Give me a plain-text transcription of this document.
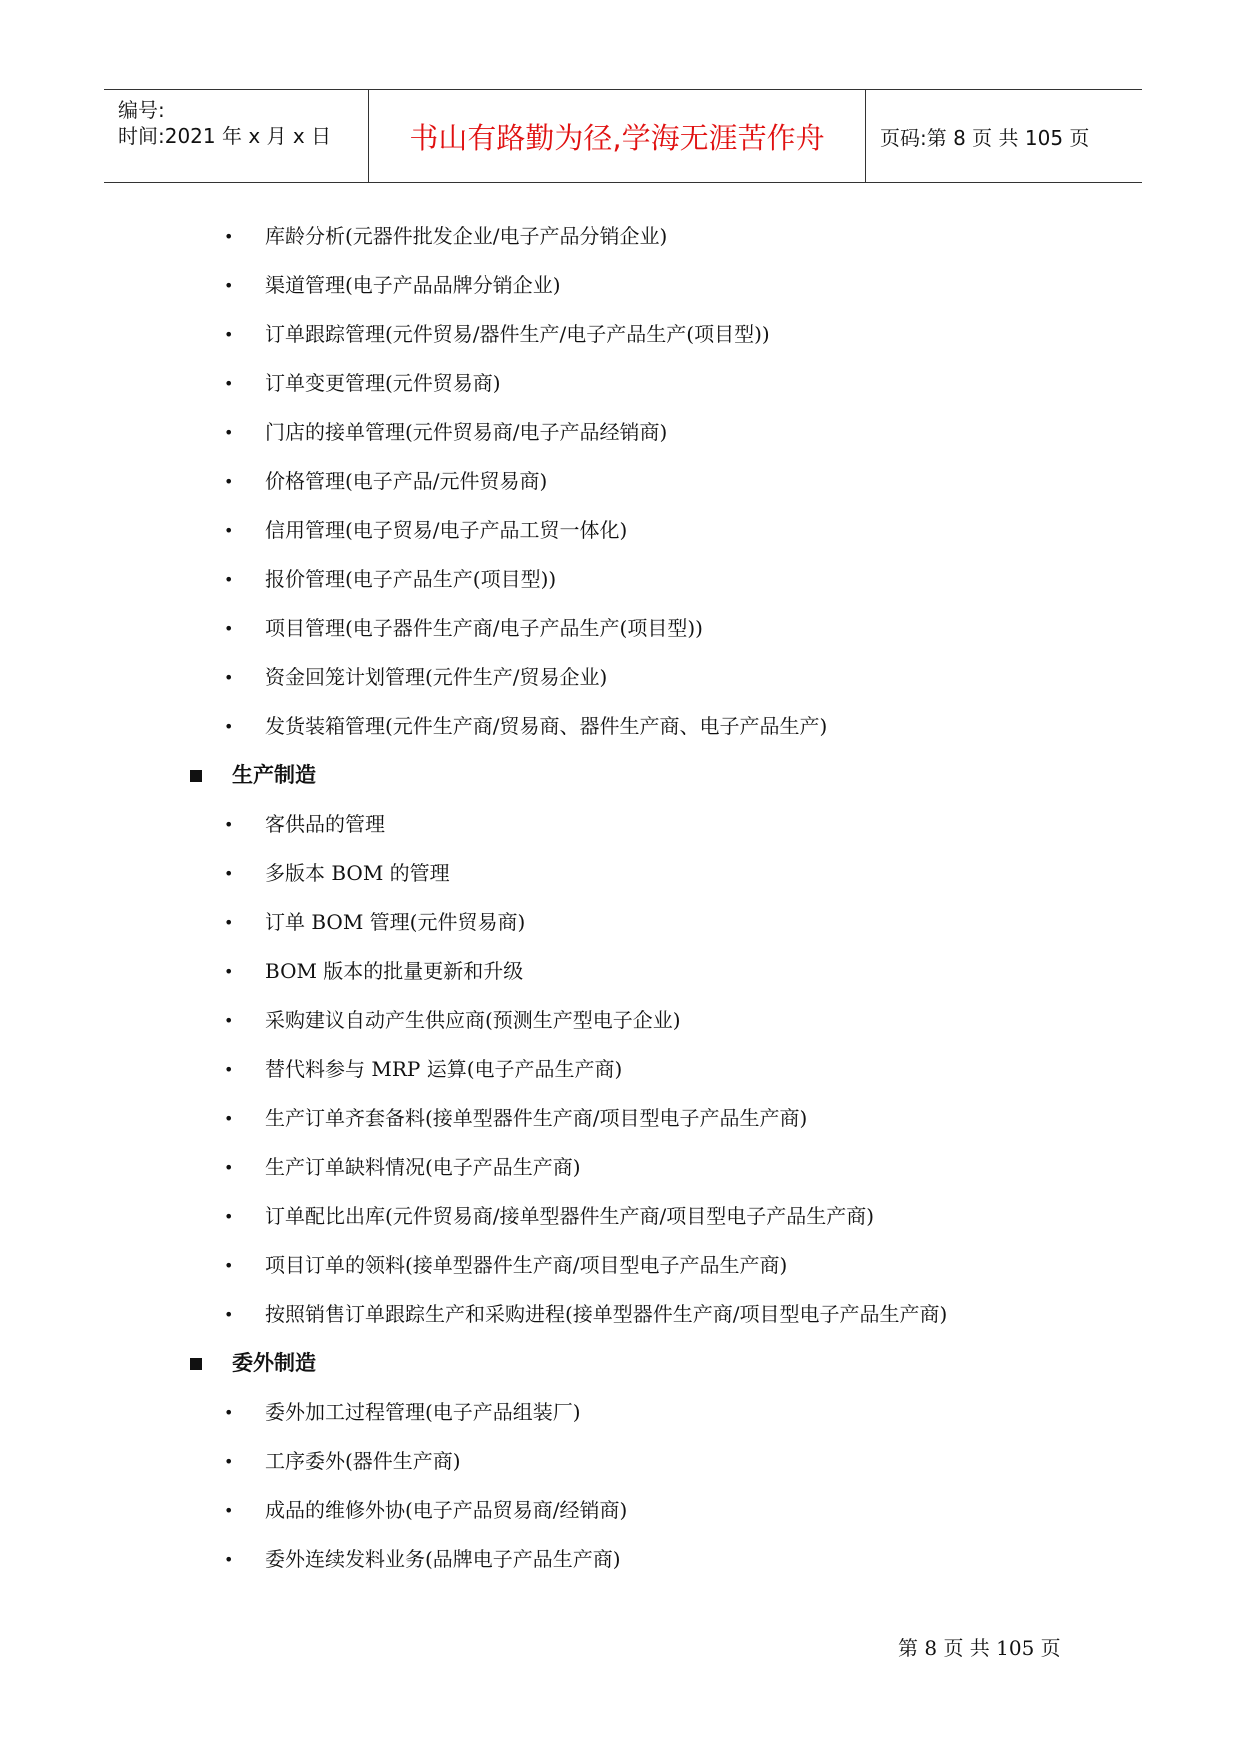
编号:
时间:2021 年 x 月 x 日	书山有路勤为径,学海无涯苦作舟	页码:第 8 页 共 105 页
• 库龄分析(元器件批发企业/电子产品分销企业)
• 渠道管理(电子产品品牌分销企业)
• 订单跟踪管理(元件贸易/器件生产/电子产品生产(项目型))
• 订单变更管理(元件贸易商)
• 门店的接单管理(元件贸易商/电子产品经销商)
• 价格管理(电子产品/元件贸易商)
• 信用管理(电子贸易/电子产品工贸一体化)
• 报价管理(电子产品生产(项目型))
• 项目管理(电子器件生产商/电子产品生产(项目型))
• 资金回笼计划管理(元件生产/贸易企业)
• 发货装箱管理(元件生产商/贸易商、器件生产商、电子产品生产)
生产制造
• 客供品的管理
• 多版本 BOM 的管理
• 订单 BOM 管理(元件贸易商)
• BOM 版本的批量更新和升级
• 采购建议自动产生供应商(预测生产型电子企业)
• 替代料参与 MRP 运算(电子产品生产商)
• 生产订单齐套备料(接单型器件生产商/项目型电子产品生产商)
• 生产订单缺料情况(电子产品生产商)
• 订单配比出库(元件贸易商/接单型器件生产商/项目型电子产品生产商)
• 项目订单的领料(接单型器件生产商/项目型电子产品生产商)
• 按照销售订单跟踪生产和采购进程(接单型器件生产商/项目型电子产品生产商)
委外制造
• 委外加工过程管理(电子产品组装厂)
• 工序委外(器件生产商)
• 成品的维修外协(电子产品贸易商/经销商)
• 委外连续发料业务(品牌电子产品生产商)
第 8 页 共 105 页
